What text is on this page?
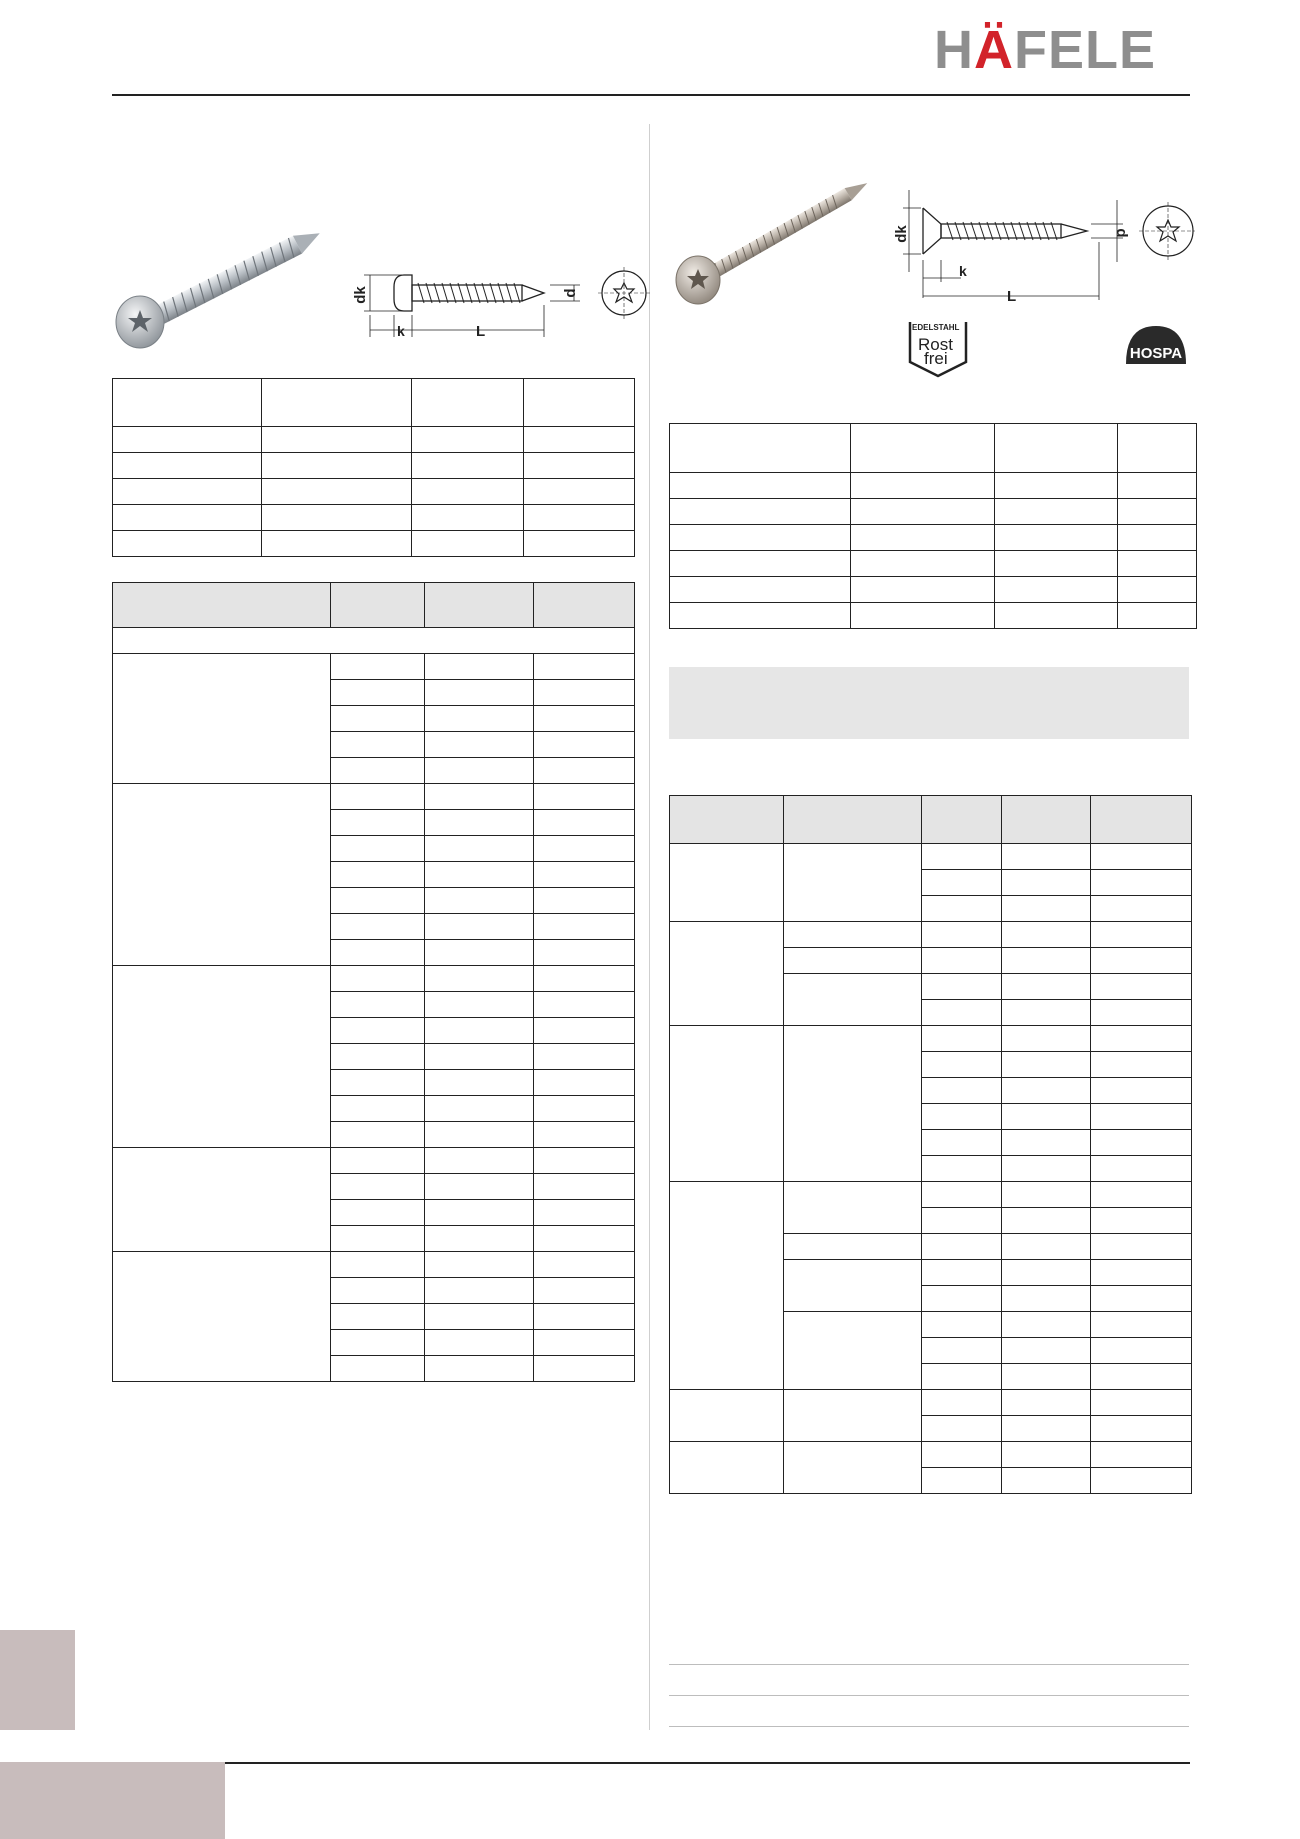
HÄFELE
dk	d
k	L
dk	d
k
L
EDELSTAHL
Rost
frei	HOSPA
